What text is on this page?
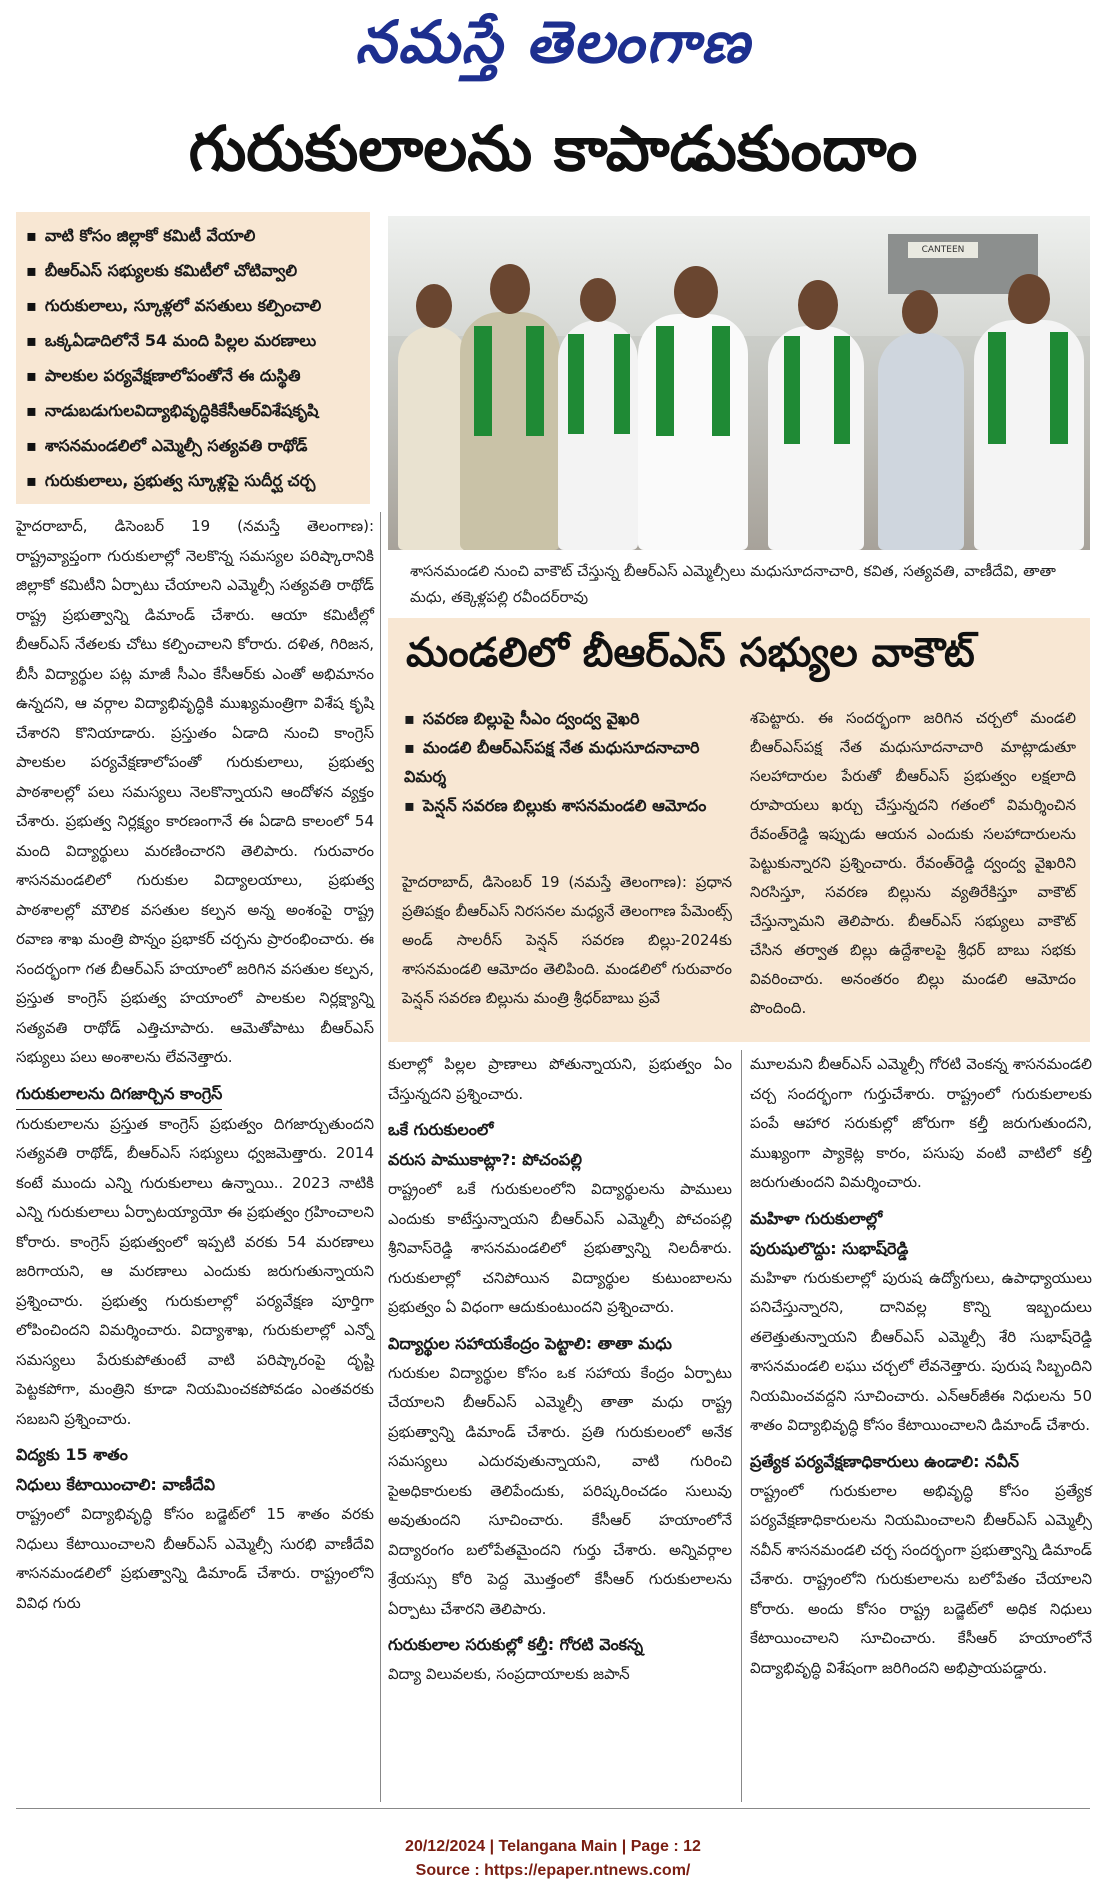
నమస్తే తెలంగాణ
గురుకులాలను కాపాడుకుందాం
▪ వాటి కోసం జిల్లాకో కమిటీ వేయాలి
▪ బీఆర్ఎస్ సభ్యులకు కమిటీలో చోటివ్వాలి
▪ గురుకులాలు, స్కూళ్లలో వసతులు కల్పించాలి
▪ ఒక్కఏడాదిలోనే 54 మంది పిల్లల మరణాలు
▪ పాలకుల పర్యవేక్షణాలోపంతోనే ఈ దుస్థితి
▪ నాడుబడుగులవిద్యాభివృద్ధికికేసీఆర్‌విశేషకృషి
▪ శాసనమండలిలో ఎమ్మెల్సీ సత్యవతి రాథోడ్
▪ గురుకులాలు, ప్రభుత్వ స్కూళ్లపై సుదీర్ఘ చర్చ
CANTEEN
శాసనమండలి నుంచి వాకౌట్ చేస్తున్న బీఆర్ఎస్ ఎమ్మెల్సీలు మధుసూదనాచారి, కవిత, సత్యవతి, వాణీదేవి, తాతా మధు, తక్కెళ్లపల్లి రవీందర్‌రావు
మండలిలో బీఆర్ఎస్ సభ్యుల వాకౌట్
▪ సవరణ బిల్లుపై సీఎం ద్వంద్వ వైఖరి
▪ మండలి బీఆర్ఎస్‌పక్ష నేత మధుసూదనాచారి విమర్శ
▪ పెన్షన్ సవరణ బిల్లుకు శాసనమండలి ఆమోదం

హైదరాబాద్, డిసెంబర్ 19 (నమస్తే తెలంగాణ): ప్రధాన ప్రతిపక్షం బీఆర్ఎస్ నిరసనల మధ్యనే తెలంగాణ పేమెంట్స్ అండ్ సాలరీస్ పెన్షన్ సవరణ బిల్లు-2024కు శాసనమండలి ఆమోదం తెలిపింది. మండలిలో గురువారం పెన్షన్ సవరణ బిల్లును మంత్రి శ్రీధర్‌బాబు ప్రవే

శపెట్టారు. ఈ సందర్భంగా జరిగిన చర్చలో మండలి బీఆర్ఎస్‌పక్ష నేత మధుసూదనాచారి మాట్లాడుతూ సలహాదారుల పేరుతో బీఆర్ఎస్ ప్రభుత్వం లక్షలాది రూపాయలు ఖర్చు చేస్తున్నదని గతంలో విమర్శించిన రేవంత్‌రెడ్డి ఇప్పుడు ఆయన ఎందుకు సలహాదారులను పెట్టుకున్నారని ప్రశ్నించారు. రేవంత్‌రెడ్డి ద్వంద్వ వైఖరిని నిరసిస్తూ, సవరణ బిల్లును వ్యతిరేకిస్తూ వాకౌట్ చేస్తున్నామని తెలిపారు. బీఆర్ఎస్ సభ్యులు వాకౌట్ చేసిన తర్వాత బిల్లు ఉద్దేశాలపై శ్రీధర్ బాబు సభకు వివరించారు. అనంతరం బిల్లు మండలి ఆమోదం పొందింది.

హైదరాబాద్, డిసెంబర్ 19 (నమస్తే తెలంగాణ): రాష్ట్రవ్యాప్తంగా గురుకులాల్లో నెలకొన్న సమస్యల పరిష్కారానికి జిల్లాకో కమిటీని ఏర్పాటు చేయాలని ఎమ్మెల్సీ సత్యవతి రాథోడ్ రాష్ట్ర ప్రభుత్వాన్ని డిమాండ్ చేశారు. ఆయా కమిటీల్లో బీఆర్ఎస్ నేతలకు చోటు కల్పించాలని కోరారు. దళిత, గిరిజన, బీసీ విద్యార్థుల పట్ల మాజీ సీఎం కేసీఆర్‌కు ఎంతో అభిమానం ఉన్నదని, ఆ వర్గాల విద్యాభివృద్ధికి ముఖ్యమంత్రిగా విశేష కృషి చేశారని కొనియాడారు. ప్రస్తుతం ఏడాది నుంచి కాంగ్రెస్ పాలకుల పర్యవేక్షణాలోపంతో గురుకులాలు, ప్రభుత్వ పాఠశాలల్లో పలు సమస్యలు నెలకొన్నాయని ఆందోళన వ్యక్తం చేశారు. ప్రభుత్వ నిర్లక్ష్యం కారణంగానే ఈ ఏడాది కాలంలో 54 మంది విద్యార్థులు మరణించారని తెలిపారు. గురువారం శాసనమండలిలో గురుకుల విద్యాలయాలు, ప్రభుత్వ పాఠశాలల్లో మౌలిక వసతుల కల్పన అన్న అంశంపై రాష్ట్ర రవాణ శాఖ మంత్రి పొన్నం ప్రభాకర్ చర్చను ప్రారంభించారు. ఈ సందర్భంగా గత బీఆర్ఎస్ హయాంలో జరిగిన వసతుల కల్పన, ప్రస్తుత కాంగ్రెస్ ప్రభుత్వ హయాంలో పాలకుల నిర్లక్ష్యాన్ని సత్యవతి రాథోడ్ ఎత్తిచూపారు. ఆమెతోపాటు బీఆర్ఎస్ సభ్యులు పలు అంశాలను లేవనెత్తారు.

గురుకులాలను దిగజార్చిన కాంగ్రెస్

గురుకులాలను ప్రస్తుత కాంగ్రెస్ ప్రభుత్వం దిగజార్చుతుందని సత్యవతి రాథోడ్, బీఆర్ఎస్ సభ్యులు ధ్వజమెత్తారు. 2014 కంటే ముందు ఎన్ని గురుకులాలు ఉన్నాయి.. 2023 నాటికి ఎన్ని గురుకులాలు ఏర్పాటయ్యాయో ఈ ప్రభుత్వం గ్రహించాలని కోరారు. కాంగ్రెస్ ప్రభుత్వంలో ఇప్పటి వరకు 54 మరణాలు జరిగాయని, ఆ మరణాలు ఎందుకు జరుగుతున్నాయని ప్రశ్నించారు. ప్రభుత్వ గురుకులాల్లో పర్యవేక్షణ పూర్తిగా లోపించిందని విమర్శించారు. విద్యాశాఖ, గురుకులాల్లో ఎన్నో సమస్యలు పేరుకుపోతుంటే వాటి పరిష్కారంపై దృష్టి పెట్టకపోగా, మంత్రిని కూడా నియమించకపోవడం ఎంతవరకు సబబని ప్రశ్నించారు.

విద్యకు 15 శాతం
నిధులు కేటాయించాలి: వాణీదేవి

రాష్ట్రంలో విద్యాభివృద్ధి కోసం బడ్జెట్‌లో 15 శాతం వరకు నిధులు కేటాయించాలని బీఆర్ఎస్ ఎమ్మెల్సీ సురభి వాణీదేవి శాసనమండలిలో ప్రభుత్వాన్ని డిమాండ్ చేశారు. రాష్ట్రంలోని వివిధ గురు

కులాల్లో పిల్లల ప్రాణాలు పోతున్నాయని, ప్రభుత్వం ఏం చేస్తున్నదని ప్రశ్నించారు.

ఒకే గురుకులంలో
వరుస పాముకాట్లా?: పోచంపల్లి

రాష్ట్రంలో ఒకే గురుకులంలోని విద్యార్థులను పాములు ఎందుకు కాటేస్తున్నాయని బీఆర్ఎస్ ఎమ్మెల్సీ పోచంపల్లి శ్రీనివాస్‌రెడ్డి శాసనమండలిలో ప్రభుత్వాన్ని నిలదీశారు. గురుకులాల్లో చనిపోయిన విద్యార్థుల కుటుంబాలను ప్రభుత్వం ఏ విధంగా ఆదుకుంటుందని ప్రశ్నించారు.

విద్యార్థుల సహాయకేంద్రం పెట్టాలి: తాతా మధు

గురుకుల విద్యార్థుల కోసం ఒక సహాయ కేంద్రం ఏర్పాటు చేయాలని బీఆర్ఎస్ ఎమ్మెల్సీ తాతా మధు రాష్ట్ర ప్రభుత్వాన్ని డిమాండ్ చేశారు. ప్రతి గురుకులంలో అనేక సమస్యలు ఎదురవుతున్నాయని, వాటి గురించి పైఅధికారులకు తెలిపేందుకు, పరిష్కరించడం సులువు అవుతుందని సూచించారు. కేసీఆర్ హయాంలోనే విద్యారంగం బలోపేతమైందని గుర్తు చేశారు. అన్నివర్గాల శ్రేయస్సు కోరి పెద్ద మొత్తంలో కేసీఆర్ గురుకులాలను ఏర్పాటు చేశారని తెలిపారు.

గురుకులాల సరుకుల్లో కల్తీ: గోరటి వెంకన్న

విద్యా విలువలకు, సంప్రదాయాలకు జపాన్

మూలమని బీఆర్ఎస్ ఎమ్మెల్సీ గోరటి వెంకన్న శాసనమండలి చర్చ సందర్భంగా గుర్తుచేశారు. రాష్ట్రంలో గురుకులాలకు పంపే ఆహార సరుకుల్లో జోరుగా కల్తీ జరుగుతుందని, ముఖ్యంగా ప్యాకెట్ల కారం, పసుపు వంటి వాటిలో కల్తీ జరుగుతుందని విమర్శించారు.

మహిళా గురుకులాల్లో
పురుషులొద్దు: సుభాష్‌రెడ్డి

మహిళా గురుకులాల్లో పురుష ఉద్యోగులు, ఉపాధ్యాయులు పనిచేస్తున్నారని, దానివల్ల కొన్ని ఇబ్బందులు తలెత్తుతున్నాయని బీఆర్ఎస్ ఎమ్మెల్సీ శేరి సుభాష్‌రెడ్డి శాసనమండలి లఘు చర్చలో లేవనెత్తారు. పురుష సిబ్బందిని నియమించవద్దని సూచించారు. ఎన్ఆర్‌జీఈ నిధులను 50 శాతం విద్యాభివృద్ధి కోసం కేటాయించాలని డిమాండ్ చేశారు.

ప్రత్యేక పర్యవేక్షణాధికారులు ఉండాలి: నవీన్

రాష్ట్రంలో గురుకులాల అభివృద్ధి కోసం ప్రత్యేక పర్యవేక్షణాధికారులను నియమించాలని బీఆర్ఎస్ ఎమ్మెల్సీ నవీన్ శాసనమండలి చర్చ సందర్భంగా ప్రభుత్వాన్ని డిమాండ్ చేశారు. రాష్ట్రంలోని గురుకులాలను బలోపేతం చేయాలని కోరారు. అందు కోసం రాష్ట్ర బడ్జెట్‌లో అధిక నిధులు కేటాయించాలని సూచించారు. కేసీఆర్ హయాంలోనే విద్యాభివృద్ధి విశేషంగా జరిగిందని అభిప్రాయపడ్డారు.

20/12/2024 | Telangana Main | Page : 12
Source : https://epaper.ntnews.com/
